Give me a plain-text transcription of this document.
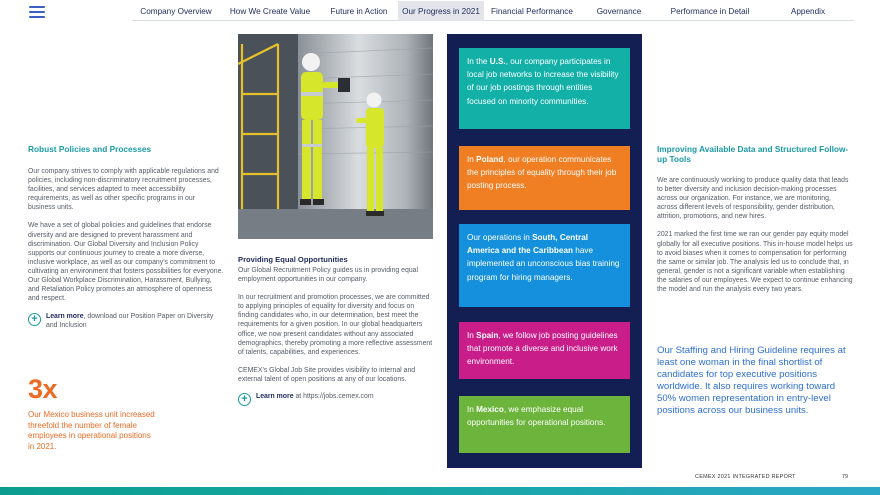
Company Overview	How We Create Value	Future in Action	Our Progress in 2021	Financial Performance	Governance	Performance in Detail	Appendix
Robust Policies and Processes

Our company strives to comply with applicable regulations and policies, including non-discriminatory recruitment processes, facilities, and services adapted to meet accessibility requirements, as well as other specific programs in our business units.

We have a set of global policies and guidelines that endorse diversity and are designed to prevent harassment and discrimination. Our Global Diversity and Inclusion Policy supports our continuous journey to create a more diverse, inclusive workplace, as well as our company's commitment to cultivating an environment that fosters possibilities for everyone. Our Global Workplace Discrimination, Harassment, Bullying, and Retaliation Policy promotes an atmosphere of openness and respect.

+	Learn more, download our Position Paper on Diversity and Inclusion
3x
Our Mexico business unit increased threefold the number of female employees in operational positions in 2021.
Providing Equal Opportunities

Our Global Recruitment Policy guides us in providing equal employment opportunities in our company.

In our recruitment and promotion processes, we are committed to applying principles of equality for diversity and focus on finding candidates who, in our determination, best meet the requirements for a given position. In our global headquarters office, we now present candidates without any associated demographics, thereby promoting a more reflective assessment of talents, capabilities, and experiences.

CEMEX's Global Job Site provides visibility to internal and external talent of open positions at any of our locations.

+	Learn more at https://jobs.cemex.com
In the U.S., our company participates in local job networks to increase the visibility of our job postings through entities focused on minority communities.
In Poland, our operation communicates the principles of equality through their job posting process.
Our operations in South, Central America and the Caribbean have implemented an unconscious bias training program for hiring managers.
In Spain, we follow job posting guidelines that promote a diverse and inclusive work environment.
In Mexico, we emphasize equal opportunities for operational positions.
Improving Available Data and Structured Follow-up Tools

We are continuously working to produce quality data that leads to better diversity and inclusion decision-making processes across our organization. For instance, we are monitoring, across different levels of responsibility, gender distribution, attrition, promotions, and new hires.

2021 marked the first time we ran our gender pay equity model globally for all executive positions. This in-house model helps us to avoid biases when it comes to compensation for performing the same or similar job. The analysis led us to conclude that, in general, gender is not a significant variable when establishing the salaries of our employees. We expect to continue enhancing the model and run the analysis every two years.

Our Staffing and Hiring Guideline requires at least one woman in the final shortlist of candidates for top executive positions worldwide. It also requires working toward 50% women representation in entry-level positions across our business units.
CEMEX 2021 INTEGRATED REPORT	79
